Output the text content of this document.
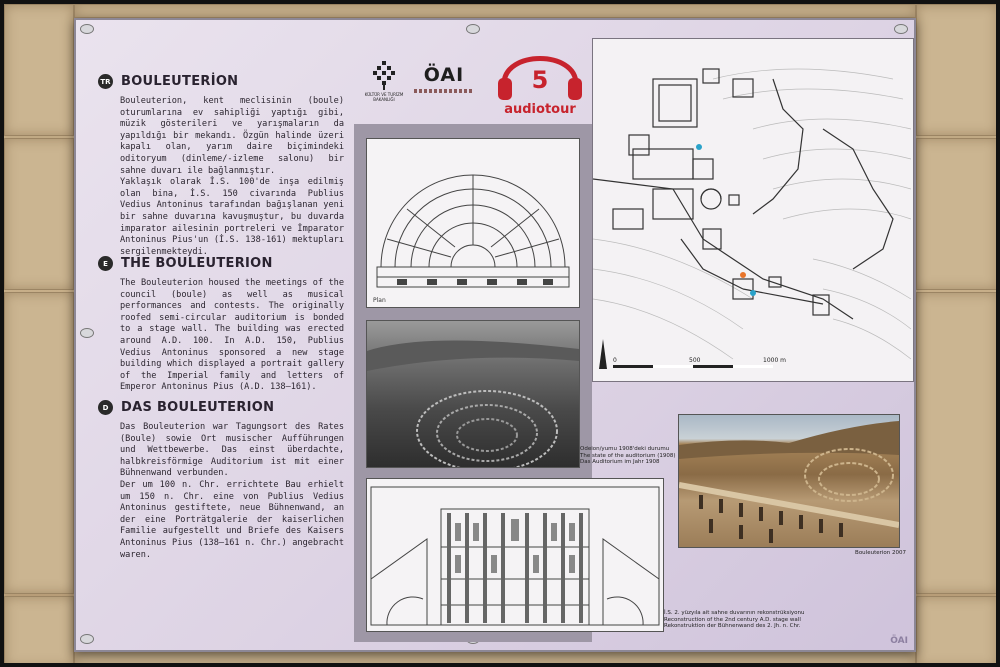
TR BOULEUTERİON

Bouleuterion, kent meclisinin (boule) oturumlarına ev sahipliği yaptığı gibi, müzik gösterileri ve yarışmaların da yapıldığı bir mekandı. Özgün halinde üzeri kapalı olan, yarım daire biçimindeki oditoryum (dinleme/-izleme salonu) bir sahne duvarı ile bağlanmıştır.

Yaklaşık olarak İ.S. 100'de inşa edilmiş olan bina, İ.S. 150 civarında Publius Vedius Antoninus tarafından bağışlanan yeni bir sahne duvarına kavuşmuştur, bu duvarda imparator ailesinin portreleri ve İmparator Antoninus Pius'un (İ.S. 138-161) mektupları sergilenmekteydi.

E	THE BOULEUTERION

The Bouleuterion housed the meetings of the council (boule) as well as musical performances and contests. The originally roofed semi-circular auditorium is bonded to a stage wall. The building was erected around A.D. 100. In A.D. 150, Publius Vedius Antoninus sponsored a new stage building which displayed a portrait gallery of the Imperial family and letters of Emperor Antoninus Pius (A.D. 138–161).

D DAS BOULEUTERION

Das Bouleuterion war Tagungsort des Rates (Boule) sowie Ort musischer Aufführungen und Wettbewerbe. Das einst überdachte, halbkreisförmige Auditorium ist mit einer Bühnenwand verbunden.

Der um 100 n. Chr. errichtete Bau erhielt um 150 n. Chr. eine von Publius Vedius Antoninus gestiftete, neue Bühnenwand, an der eine Porträtgalerie der kaiserlichen Familie aufgestellt und Briefe des Kaisers Antoninus Pius (138–161 n. Chr.) angebracht waren.

KÜLTÜR VE TURİZM BAKANLIĞI
ÖAI	5
audiotour
Plan
Odeion/yumu 1908'deki durumu
The state of the auditorium (1908)
Das Auditorium im Jahr 1908
İ.S. 2. yüzyıla ait sahne duvarının rekonstrüksiyonu
Reconstruction of the 2nd century A.D. stage wall
Rekonstruktion der Bühnenwand des 2. Jh. n. Chr.
0	500	1000 m
Bouleuterion 2007
ÖAI
